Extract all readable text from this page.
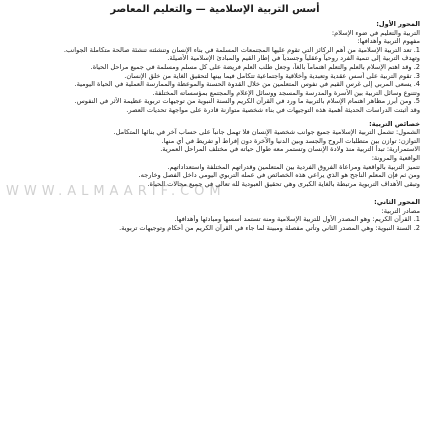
أسس التربية الإسلامية — والتعليم المعاصر
WWW.ALMAARIF.COM

المحور الأول:

التربية والتعليم في ضوء الإسلام:

مفهوم التربية وأهدافها:

1. تعد التربية الإسلامية من أهم الركائز التي تقوم عليها المجتمعات المسلمة في بناء الإنسان وتنشئته تنشئة صالحة متكاملة الجوانب.

وتهدف التربية إلى تنمية الفرد روحياً وعقلياً وجسدياً في إطار القيم والمبادئ الإسلامية الأصيلة.

2. وقد اهتم الإسلام بالعلم والتعلم اهتماماً بالغاً، وجعل طلب العلم فريضة على كل مسلم ومسلمة في جميع مراحل الحياة.

3. تقوم التربية على أسس عقدية وتعبدية وأخلاقية واجتماعية تتكامل فيما بينها لتحقيق الغاية من خلق الإنسان.

4. يسعى المربي إلى غرس القيم في نفوس المتعلمين من خلال القدوة الحسنة والموعظة والممارسة العملية في الحياة اليومية.

وتتنوع وسائل التربية بين الأسرة والمدرسة والمسجد ووسائل الإعلام والمجتمع بمؤسساته المختلفة.

5. ومن أبرز مظاهر اهتمام الإسلام بالتربية ما ورد في القرآن الكريم والسنة النبوية من توجيهات تربوية عظيمة الأثر في النفوس.

وقد أثبتت الدراسات الحديثة أهمية هذه التوجيهات في بناء شخصية متوازنة قادرة على مواجهة تحديات العصر.

خصائص التربية:

الشمول: تشمل التربية الإسلامية جميع جوانب شخصية الإنسان فلا تهمل جانباً على حساب آخر في بنائها المتكامل.

التوازن: توازن بين متطلبات الروح والجسد وبين الدنيا والآخرة دون إفراط أو تفريط في أي منها.

الاستمرارية: تبدأ التربية منذ ولادة الإنسان وتستمر معه طوال حياته في مختلف المراحل العمرية.

الواقعية والمرونة:

تتميز التربية بالواقعية ومراعاة الفروق الفردية بين المتعلمين وقدراتهم المختلفة واستعداداتهم.

ومن ثم فإن المعلم الناجح هو الذي يراعي هذه الخصائص في عمله التربوي اليومي داخل الفصل وخارجه.

وتبقى الأهداف التربوية مرتبطة بالغاية الكبرى وهي تحقيق العبودية لله تعالى في جميع مجالات الحياة.

المحور الثاني:

مصادر التربية:

1. القرآن الكريم: وهو المصدر الأول للتربية الإسلامية ومنه تستمد أسسها ومبادئها وأهدافها.

2. السنة النبوية: وهي المصدر الثاني وتأتي مفصلة ومبينة لما جاء في القرآن الكريم من أحكام وتوجيهات تربوية.
